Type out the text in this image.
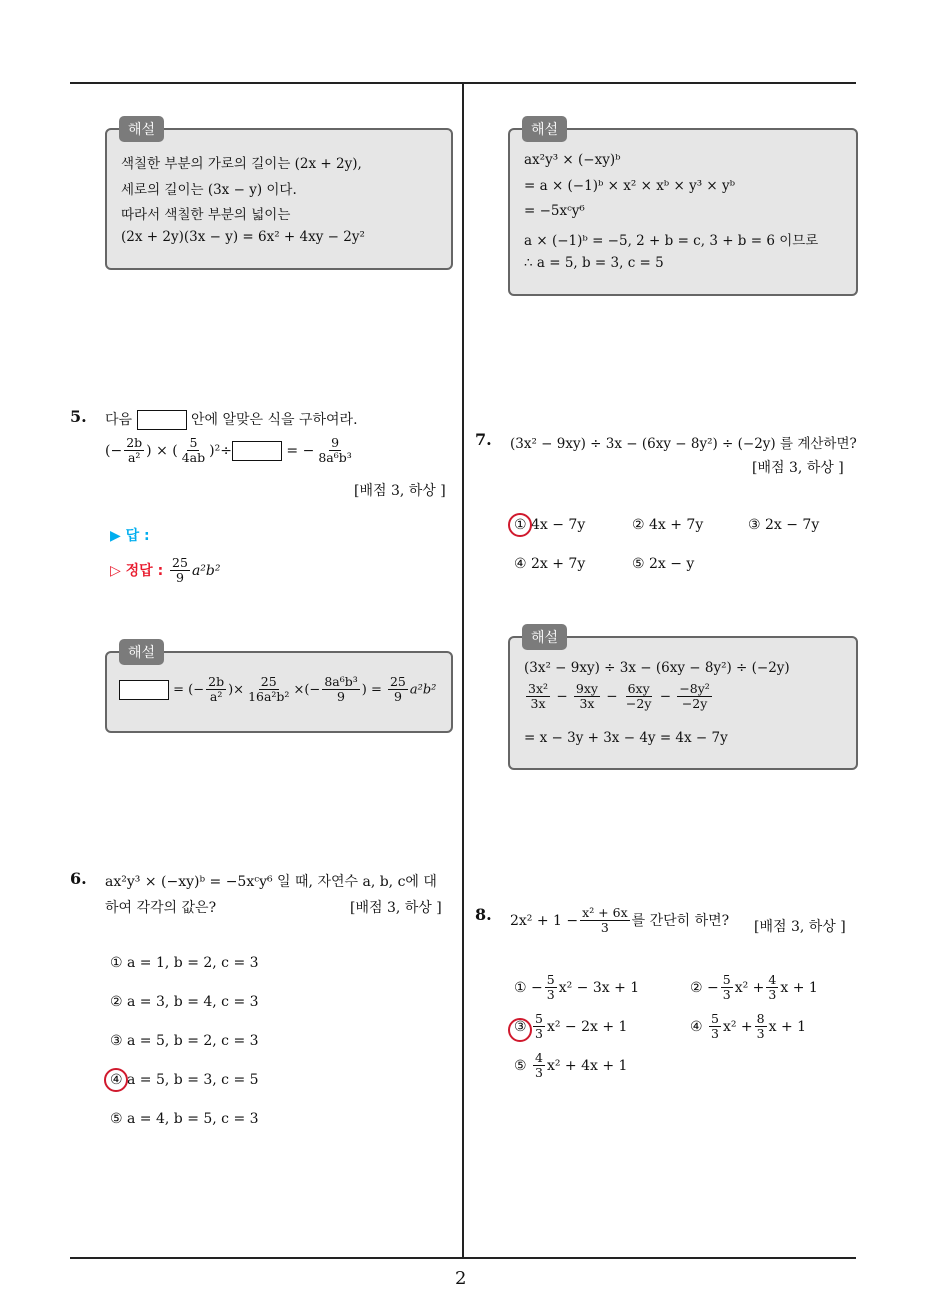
2
해설
색칠한 부분의 가로의 길이는 (2x + 2y),
세로의 길이는 (3x − y) 이다.
따라서 색칠한 부분의 넓이는
(2x + 2y)(3x − y) = 6x² + 4xy − 2y²
5. 다음	안에 알맞은 식을 구하여라.
(− $\frac{2b}{\text{a²}}$ ) × ( $\frac{5}{4ab} )^2\div$	= − $\frac{9}{\text{8a⁶b³}}$
[배점 3, 하상 ]
▶ 답 :
▷ 정답 : $\frac{25}{9} a^2b^2$
해설
= (− $\frac{2b}{\text{a²}}$ )× $\frac{25}{\text{16a²b²}}$ ×(− $\frac{\text{8a⁶b³}}{9}$ ) = $\frac{25}{9} a^2b^2$
6. ax²y³ × (−xy)ᵇ = −5xᶜy⁶ 일 때, 자연수 a, b, c에 대
하여 각각의 값은?	[배점 3, 하상 ]
① a = 1, b = 2, c = 3
② a = 3, b = 4, c = 3
③ a = 5, b = 2, c = 3
④ a = 5, b = 3, c = 5
⑤ a = 4, b = 5, c = 3
해설
ax²y³ × (−xy)ᵇ
= a × (−1)ᵇ × x² × xᵇ × y³ × yᵇ
= −5xᶜy⁶
a × (−1)ᵇ = −5, 2 + b = c, 3 + b = 6 이므로
∴ a = 5, b = 3, c = 5
7. (3x² − 9xy) ÷ 3x − (6xy − 8y²) ÷ (−2y) 를 계산하면?
[배점 3, 하상 ]
① 4x − 7y	② 4x + 7y	③ 2x − 7y
④ 2x + 7y	⑤ 2x − y
해설
(3x² − 9xy) ÷ 3x − (6xy − 8y²) ÷ (−2y)
$\frac{\text{3x²}}{3x} - \frac{9xy}{3x} - \frac{6xy}{-2y} - \frac{\text{−8y²}}{-2y}$
= x − 3y + 3x − 4y = 4x − 7y
8. $2x^2 + 1 - \frac{\text{x² + 6x}}{3}$ 를 간단히 하면? [배점 3, 하상 ]
① − $\frac{5}{3} x^2 - 3x + 1$	② − $\frac{5}{3} x^2 + \frac{4}{3}$ x + 1
③ $\frac{5}{3} x^2 - 2x + 1$	④ $\frac{5}{3} x^2 + \frac{8}{3}$ x + 1
⑤ $\frac{4}{3} x^2 + 4x + 1$
